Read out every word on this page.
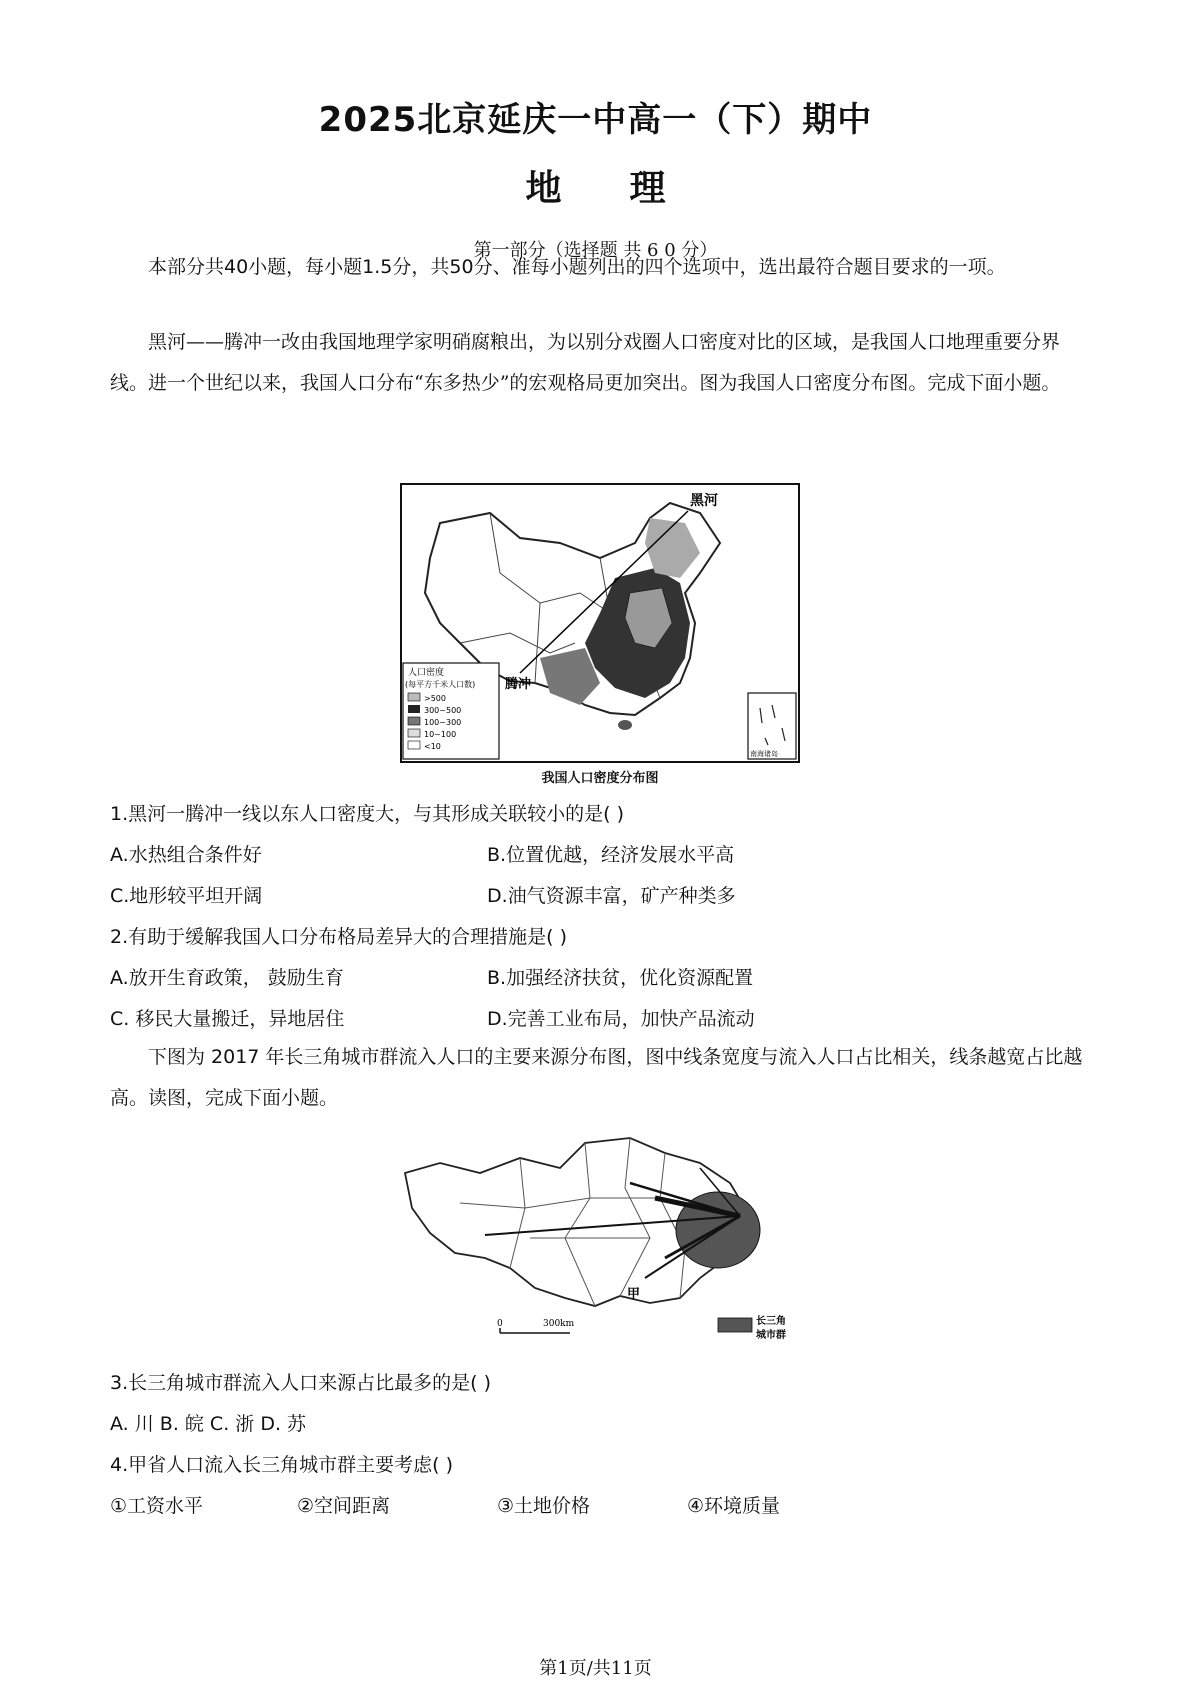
2025北京延庆一中高一（下）期中
地 理
第一部分（选择题 共 6 0 分）
本部分共40小题，每小题1.5分，共50分、准每小题列出的四个选项中，选出最符合题目要求的一项。
黑河——腾冲一改由我国地理学家明硝腐粮出，为以别分戏圈人口密度对比的区域，是我国人口地理重要分界线。进一个世纪以来，我国人口分布“东多热少”的宏观格局更加突出。图为我国人口密度分布图。完成下面小题。
黑河
腾冲
人口密度
(每平方千米人口数)
>500
300~500
100~300
10~100
<10
南海诸岛
我国人口密度分布图
1.黑河一腾冲一线以东人口密度大，与其形成关联较小的是( )
A.水热组合条件好	B.位置优越，经济发展水平高
C.地形较平坦开阔	D.油气资源丰富，矿产种类多
2.有助于缓解我国人口分布格局差异大的合理措施是( )
A.放开生育政策， 鼓励生育	B.加强经济扶贫，优化资源配置
C. 移民大量搬迁，异地居住	D.完善工业布局，加快产品流动
下图为 2017 年长三角城市群流入人口的主要来源分布图，图中线条宽度与流入人口占比相关，线条越宽占比越高。读图，完成下面小题。
甲
0	300km	长三角
城市群
3.长三角城市群流入人口来源占比最多的是( )
A. 川 B. 皖 C. 浙 D. 苏
4.甲省人口流入长三角城市群主要考虑( )
①工资水平	②空间距离	③土地价格	④环境质量
第1页/共11页
